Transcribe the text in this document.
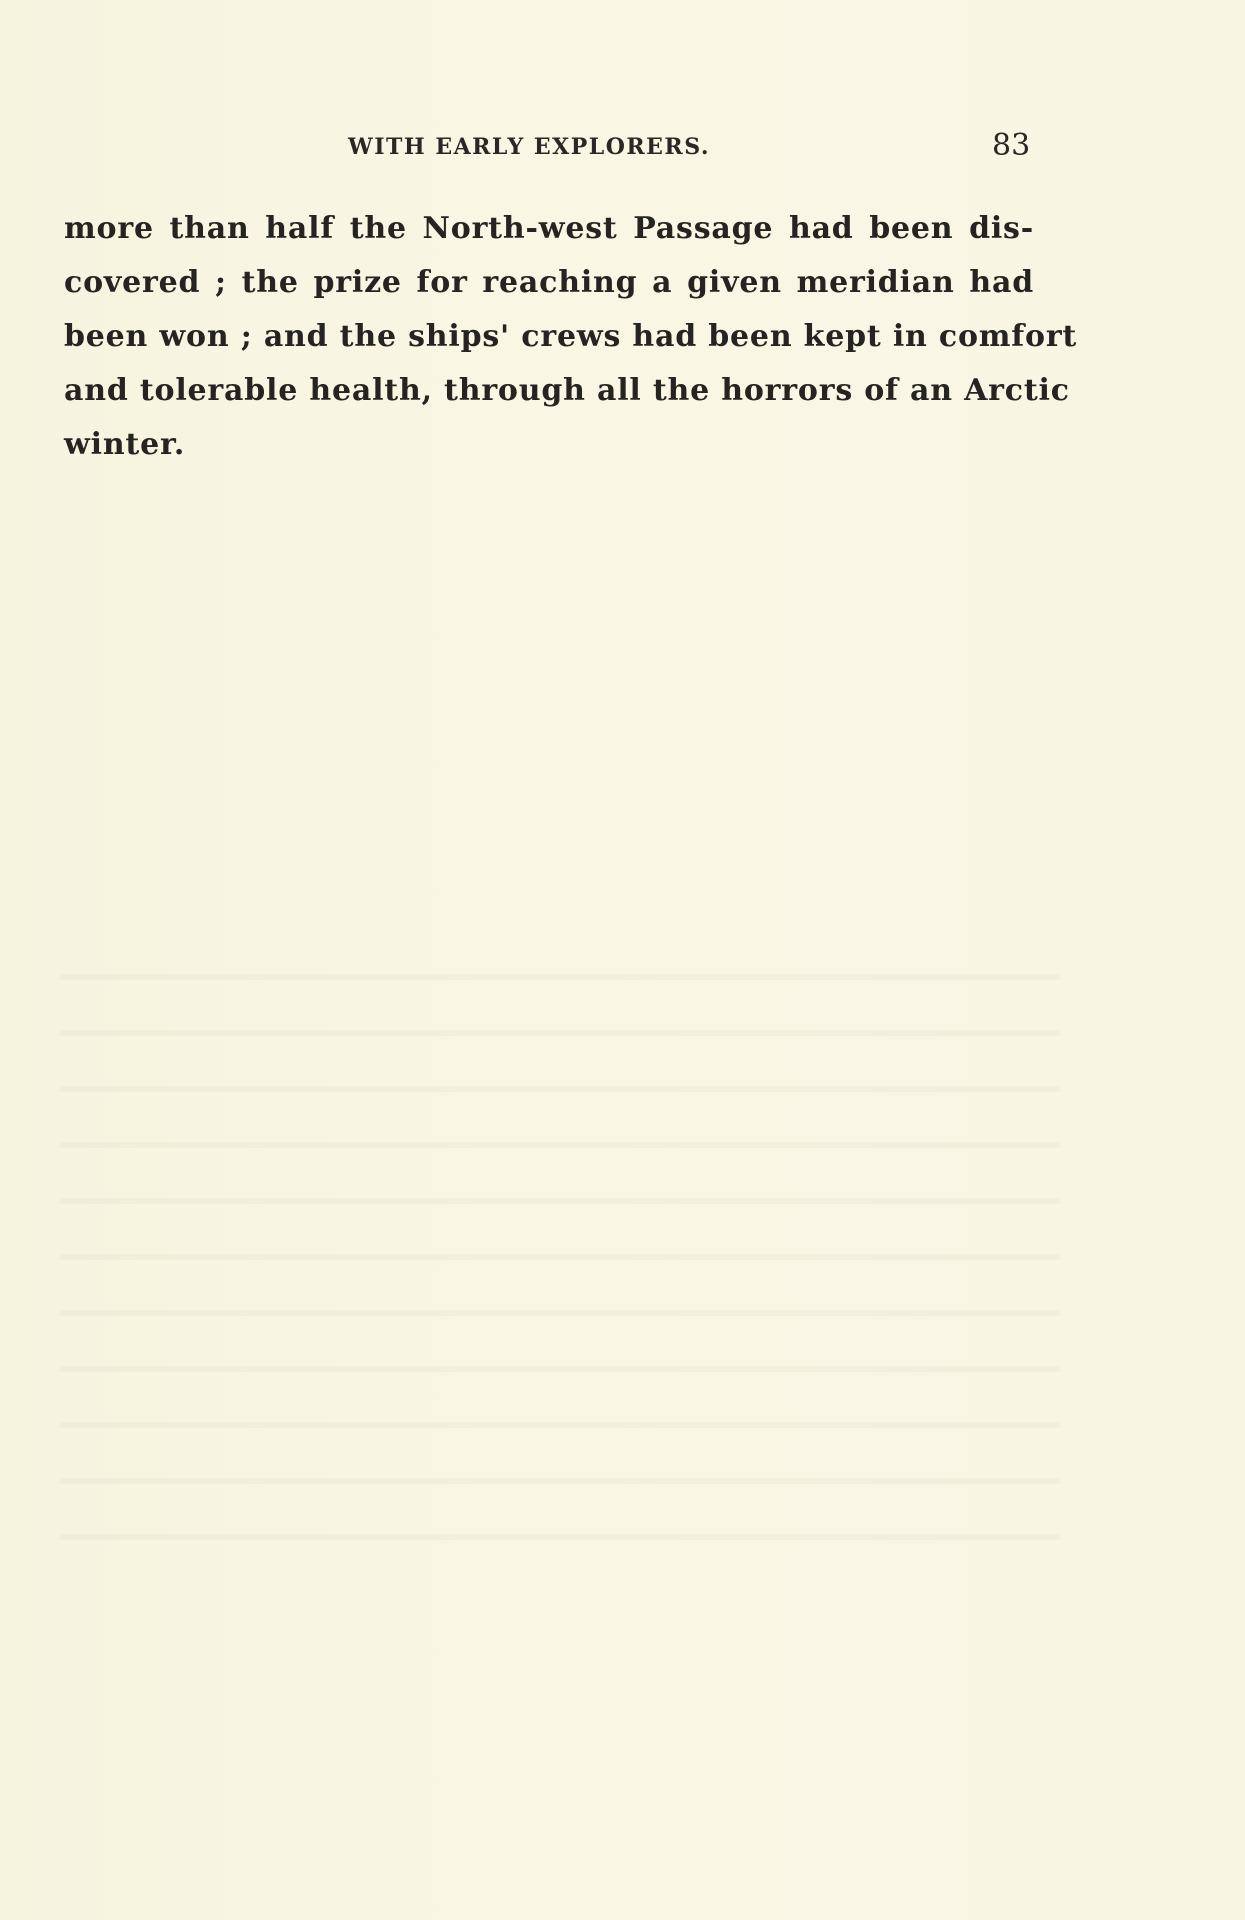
WITH EARLY EXPLORERS.	83
more than half the North-west Passage had been dis-
covered ; the prize for reaching a given meridian had
been won ; and the ships' crews had been kept in comfort
and tolerable health, through all the horrors of an Arctic
winter.
